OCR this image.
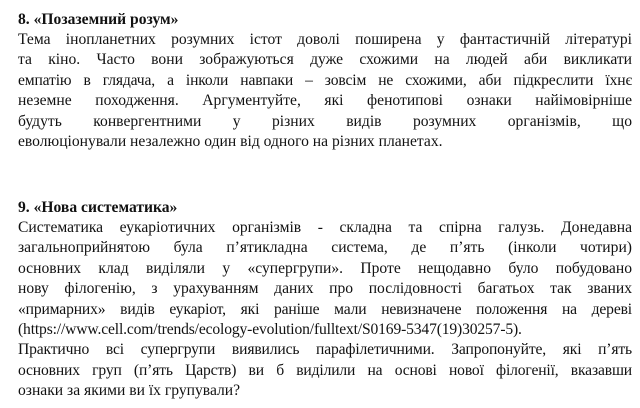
8. «Позаземний розум»

Тема інопланетних розумних істот доволі поширена у фантастичній літературі
та кіно. Часто вони зображуються дуже схожими на людей аби викликати
емпатію в глядача, а інколи навпаки – зовсім не схожими, аби підкреслити їхнє
неземне походження. Аргументуйте, які фенотипові ознаки найімовірніше
будуть конвергентними у різних видів розумних організмів, що
еволюціонували незалежно один від одного на різних планетах.

9. «Нова систематика»

Систематика еукаріотичних організмів - складна та спірна галузь. Донедавна
загальноприйнятою була п’ятикладна система, де п’ять (інколи чотири)
основних клад виділяли у «супергрупи». Проте нещодавно було побудовано
нову філогенію, з урахуванням даних про послідовності багатьох так званих
«примарних» видів еукаріот, які раніше мали невизначене положення на дереві
(https://www.cell.com/trends/ecology-evolution/fulltext/S0169-5347(19)30257-5).
Практично всі супергрупи виявились парафілетичними. Запропонуйте, які п’ять
основних груп (п’ять Царств) ви б виділили на основі нової філогенії, вказавши
ознаки за якими ви їх групували?
